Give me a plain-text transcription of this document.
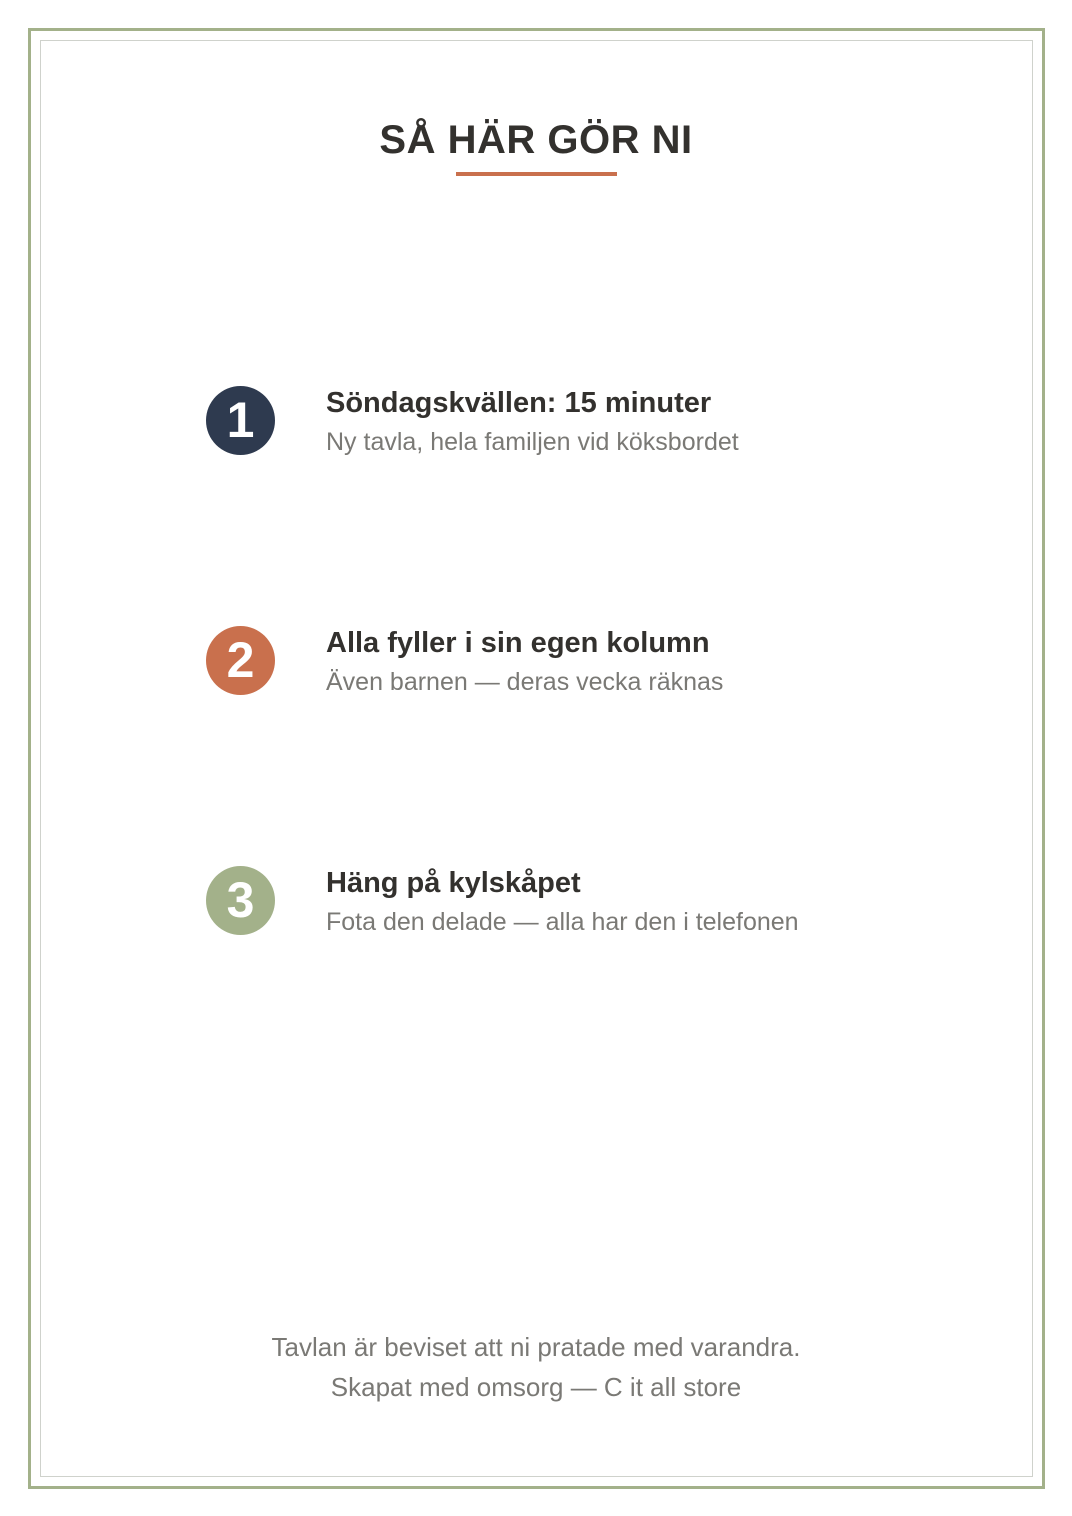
SÅ HÄR GÖR NI
1	Söndagskvällen: 15 minuter
Ny tavla, hela familjen vid köksbordet
2	Alla fyller i sin egen kolumn
Även barnen — deras vecka räknas
3	Häng på kylskåpet
Fota den delade — alla har den i telefonen
Tavlan är beviset att ni pratade med varandra.
Skapat med omsorg — C it all store
